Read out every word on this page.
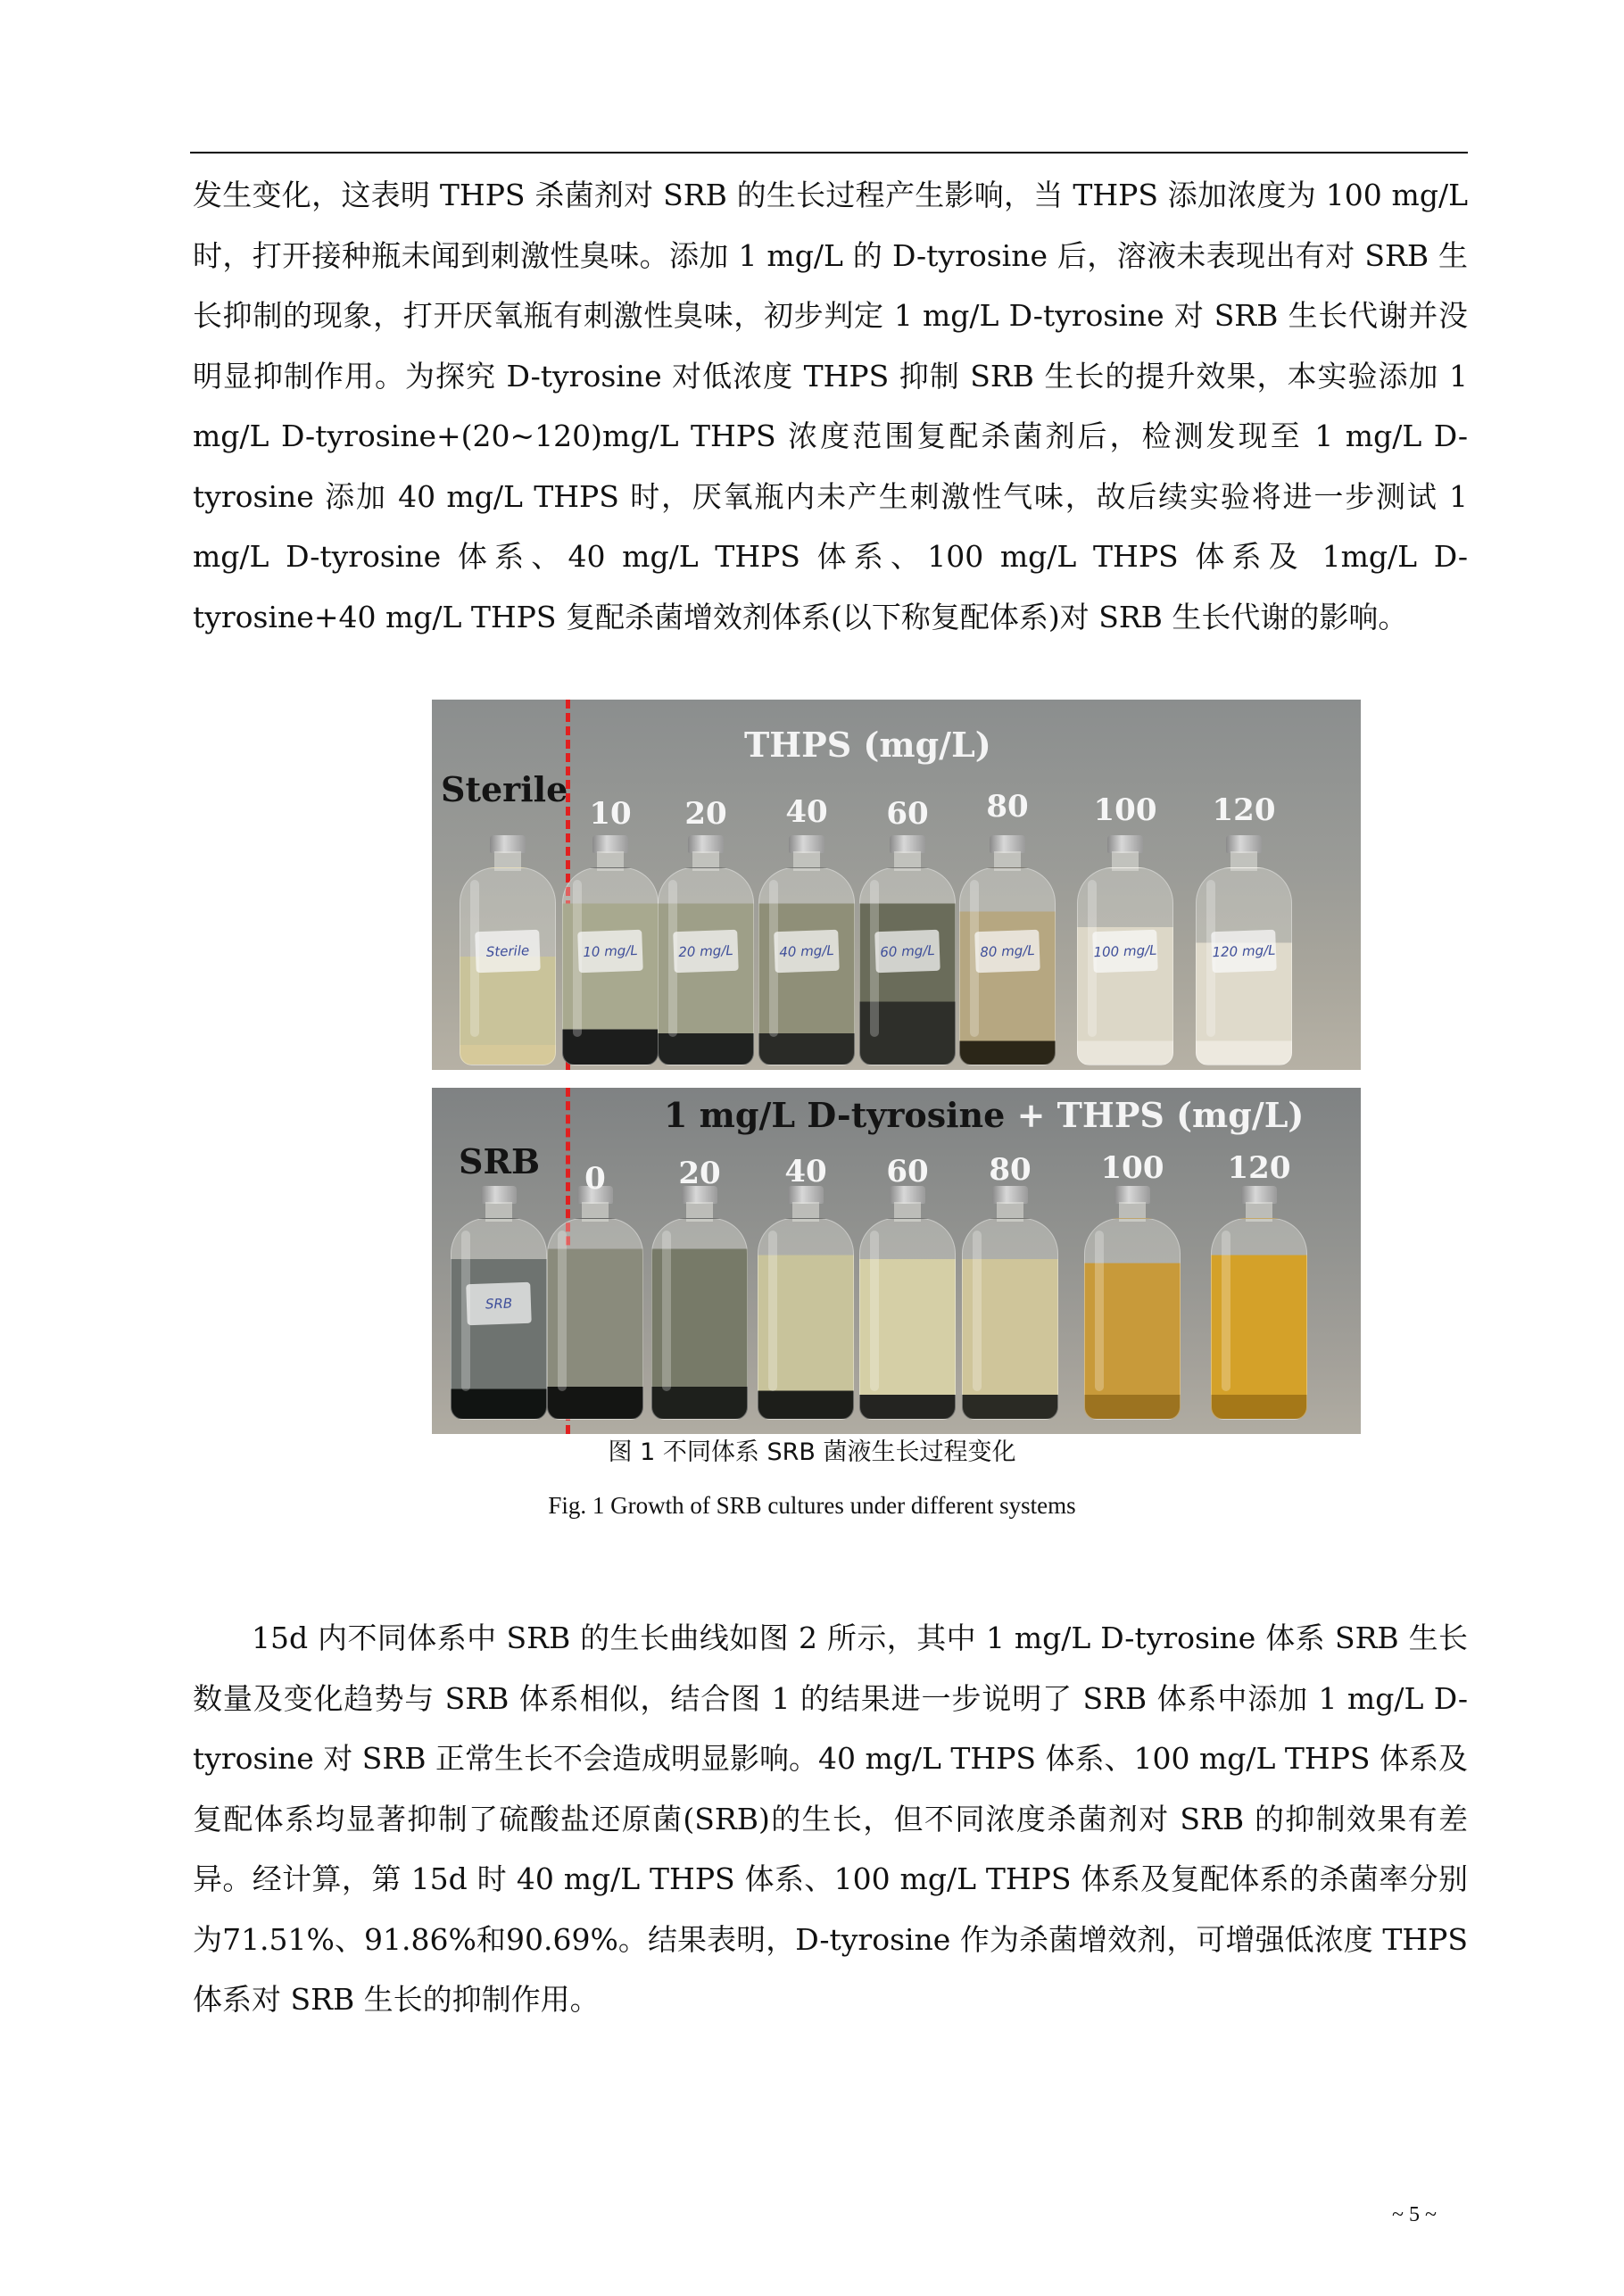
发生变化，这表明 THPS 杀菌剂对 SRB 的生长过程产生影响，当 THPS 添加浓度为 100 mg/L 时，打开接种瓶未闻到刺激性臭味。添加 1 mg/L 的 D-tyrosine 后，溶液未表现出有对 SRB 生长抑制的现象，打开厌氧瓶有刺激性臭味，初步判定 1 mg/L D-tyrosine 对 SRB 生长代谢并没明显抑制作用。为探究 D-tyrosine 对低浓度 THPS 抑制 SRB 生长的提升效果，本实验添加 1 mg/L D-tyrosine+(20~120)mg/L THPS 浓度范围复配杀菌剂后，检测发现至 1 mg/L D-tyrosine 添加 40 mg/L THPS 时，厌氧瓶内未产生刺激性气味，故后续实验将进一步测试 1 mg/L D-tyrosine 体系、40 mg/L THPS 体系、100 mg/L THPS 体系及 1mg/L D-tyrosine+40 mg/L THPS 复配杀菌增效剂体系(以下称复配体系)对 SRB 生长代谢的影响。

Sterile
THPS (mg/L)
Sterile	10 mg/L	20 mg/L	40 mg/L	60 mg/L	80 mg/L	100 mg/L	120 mg/L
10 20 40 60 80 100 120
SRB
1 mg/L D-tyrosine + THPS (mg/L)
SRB
0 20 40 60 80 100 120
图 1 不同体系 SRB 菌液生长过程变化
Fig. 1 Growth of SRB cultures under different systems

15d 内不同体系中 SRB 的生长曲线如图 2 所示，其中 1 mg/L D-tyrosine 体系 SRB 生长数量及变化趋势与 SRB 体系相似，结合图 1 的结果进一步说明了 SRB 体系中添加 1 mg/L D-tyrosine 对 SRB 正常生长不会造成明显影响。40 mg/L THPS 体系、100 mg/L THPS 体系及复配体系均显著抑制了硫酸盐还原菌(SRB)的生长，但不同浓度杀菌剂对 SRB 的抑制效果有差异。经计算，第 15d 时 40 mg/L THPS 体系、100 mg/L THPS 体系及复配体系的杀菌率分别为71.51%、91.86%和90.69%。结果表明，D-tyrosine 作为杀菌增效剂，可增强低浓度 THPS 体系对 SRB 生长的抑制作用。

~ 5 ~
